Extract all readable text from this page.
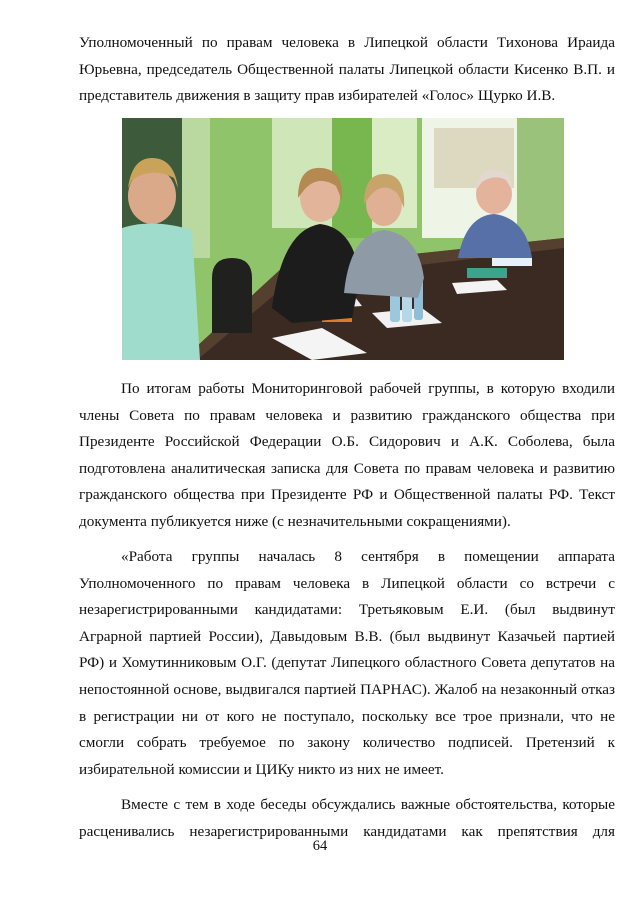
Уполномоченный по правам человека в Липецкой области Тихонова Ираида Юрьевна, председатель Общественной палаты Липецкой области Кисенко В.П. и представитель движения в защиту прав избирателей «Голос» Щурко И.В.

По итогам работы Мониторинговой рабочей группы, в которую входили члены Совета по правам человека и развитию гражданского общества при Президенте Российской Федерации О.Б. Сидорович и А.К. Соболева, была подготовлена аналитическая записка для Совета по правам человека и развитию гражданского общества при Президенте РФ и Общественной палаты РФ. Текст документа публикуется ниже (с незначительными сокращениями).

«Работа группы началась 8 сентября в помещении аппарата Уполномоченного по правам человека в Липецкой области со встречи с незарегистрированными кандидатами: Третьяковым Е.И. (был выдвинут Аграрной партией России), Давыдовым В.В. (был выдвинут Казачьей партией РФ) и Хомутинниковым О.Г. (депутат Липецкого областного Совета депутатов на непостоянной основе, выдвигался партией ПАРНАС). Жалоб на незаконный отказ в регистрации ни от кого не поступало, поскольку все трое признали, что не смогли собрать требуемое по закону количество подписей. Претензий к избирательной комиссии и ЦИКу никто из них не имеет.

Вместе с тем в ходе беседы обсуждались важные обстоятельства, которые расценивались незарегистрированными кандидатами как препятствия для

64
